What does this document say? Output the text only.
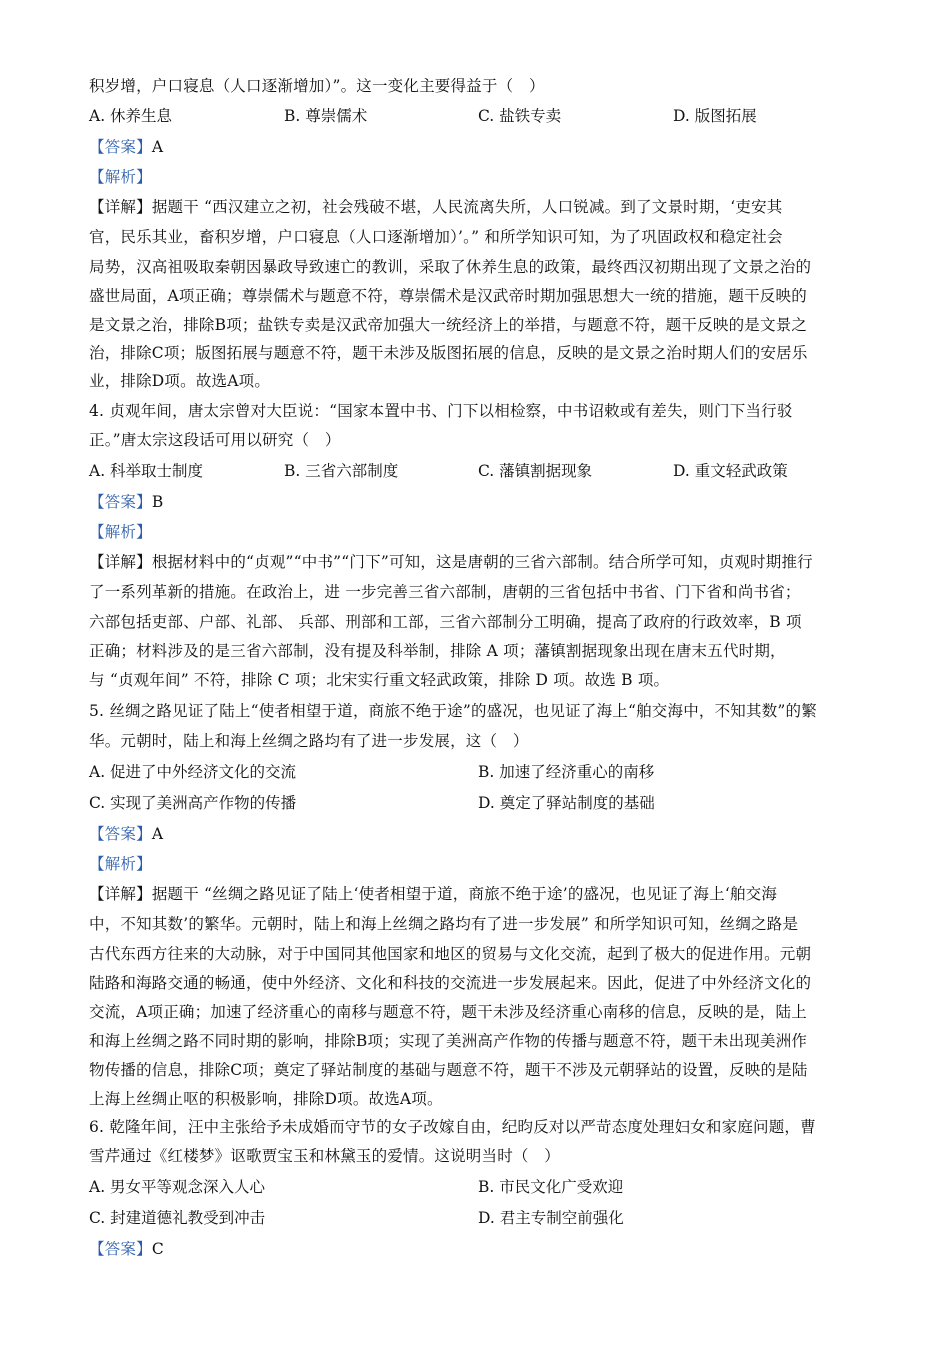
积岁增，户口寝息（人口逐渐增加）”。这一变化主要得益于（　）
A. 休养生息	B. 尊崇儒术	C. 盐铁专卖	D. 版图拓展
【答案】A
【解析】
【详解】据题干 “西汉建立之初，社会残破不堪，人民流离失所，人口锐减。到了文景时期，‘吏安其
官，民乐其业，畜积岁增，户口寝息（人口逐渐增加）’。” 和所学知识可知，为了巩固政权和稳定社会
局势，汉高祖吸取秦朝因暴政导致速亡的教训，采取了休养生息的政策，最终西汉初期出现了文景之治的
盛世局面，A项正确；尊崇儒术与题意不符，尊崇儒术是汉武帝时期加强思想大一统的措施，题干反映的
是文景之治，排除B项；盐铁专卖是汉武帝加强大一统经济上的举措，与题意不符，题干反映的是文景之
治，排除C项；版图拓展与题意不符，题干未涉及版图拓展的信息，反映的是文景之治时期人们的安居乐
业，排除D项。故选A项。
4. 贞观年间，唐太宗曾对大臣说：“国家本置中书、门下以相检察，中书诏敕或有差失，则门下当行驳
正。”唐太宗这段话可用以研究（　）
A. 科举取士制度	B. 三省六部制度	C. 藩镇割据现象	D. 重文轻武政策
【答案】B
【解析】
【详解】根据材料中的“贞观”“中书”“门下”可知，这是唐朝的三省六部制。结合所学可知，贞观时期推行
了一系列革新的措施。在政治上，进 一步完善三省六部制，唐朝的三省包括中书省、门下省和尚书省；
六部包括吏部、户部、礼部、 兵部、刑部和工部，三省六部制分工明确，提高了政府的行政效率，B 项
正确；材料涉及的是三省六部制，没有提及科举制，排除 A 项；藩镇割据现象出现在唐末五代时期，
与 “贞观年间” 不符，排除 C 项；北宋实行重文轻武政策，排除 D 项。故选 B 项。
5. 丝绸之路见证了陆上“使者相望于道，商旅不绝于途”的盛况，也见证了海上“舶交海中，不知其数”的繁
华。元朝时，陆上和海上丝绸之路均有了进一步发展，这（　）
A. 促进了中外经济文化的交流	B. 加速了经济重心的南移
C. 实现了美洲高产作物的传播	D. 奠定了驿站制度的基础
【答案】A
【解析】
【详解】据题干 “丝绸之路见证了陆上‘使者相望于道，商旅不绝于途’的盛况，也见证了海上‘舶交海
中，不知其数’的繁华。元朝时，陆上和海上丝绸之路均有了进一步发展” 和所学知识可知，丝绸之路是
古代东西方往来的大动脉，对于中国同其他国家和地区的贸易与文化交流，起到了极大的促进作用。元朝
陆路和海路交通的畅通，使中外经济、文化和科技的交流进一步发展起来。因此，促进了中外经济文化的
交流，A项正确；加速了经济重心的南移与题意不符，题干未涉及经济重心南移的信息，反映的是，陆上
和海上丝绸之路不同时期的影响，排除B项；实现了美洲高产作物的传播与题意不符，题干未出现美洲作
物传播的信息，排除C项；奠定了驿站制度的基础与题意不符，题干不涉及元朝驿站的设置，反映的是陆
上海上丝绸止呕的积极影响，排除D项。故选A项。
6. 乾隆年间，汪中主张给予未成婚而守节的女子改嫁自由，纪昀反对以严苛态度处理妇女和家庭问题，曹
雪芹通过《红楼梦》讴歌贾宝玉和林黛玉的爱情。这说明当时（　）
A. 男女平等观念深入人心	B. 市民文化广受欢迎
C. 封建道德礼教受到冲击	D. 君主专制空前强化
【答案】C
